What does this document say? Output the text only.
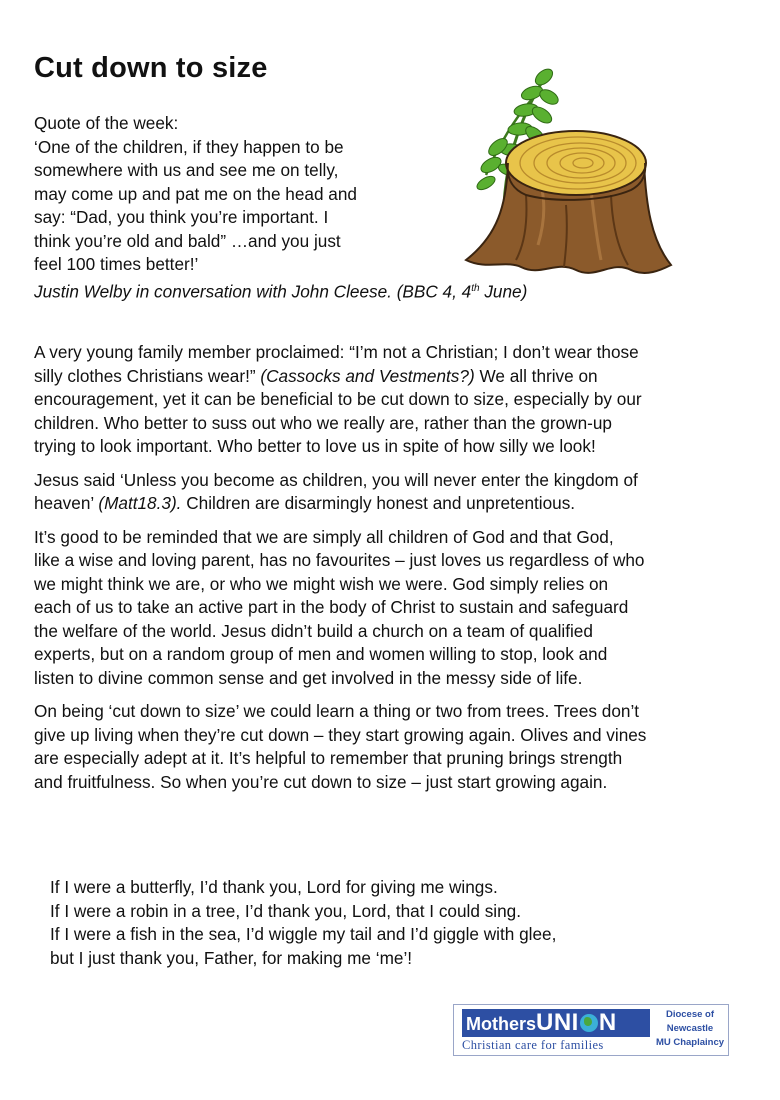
Cut down to size
Quote of the week:
‘One of the children, if they happen to be
somewhere with us and see me on telly,
may come up and pat me on the head and
say: “Dad, you think you’re important. I
think you’re old and bald” …and you just
feel 100 times better!’
Justin Welby in conversation with John Cleese. (BBC 4, 4th June)

A very young family member proclaimed: “I’m not a Christian; I don’t wear those
silly clothes Christians wear!” (Cassocks and Vestments?) We all thrive on
encouragement, yet it can be beneficial to be cut down to size, especially by our
children. Who better to suss out who we really are, rather than the grown-up
trying to look important. Who better to love us in spite of how silly we look!

Jesus said ‘Unless you become as children, you will never enter the kingdom of
heaven’ (Matt18.3). Children are disarmingly honest and unpretentious.

It’s good to be reminded that we are simply all children of God and that God,
like a wise and loving parent, has no favourites – just loves us regardless of who
we might think we are, or who we might wish we were. God simply relies on
each of us to take an active part in the body of Christ to sustain and safeguard
the welfare of the world. Jesus didn’t build a church on a team of qualified
experts, but on a random group of men and women willing to stop, look and
listen to divine common sense and get involved in the messy side of life.

On being ‘cut down to size’ we could learn a thing or two from trees. Trees don’t
give up living when they’re cut down – they start growing again. Olives and vines
are especially adept at it. It’s helpful to remember that pruning brings strength
and fruitfulness. So when you’re cut down to size – just start growing again.

If I were a butterfly, I’d thank you, Lord for giving me wings.
If I were a robin in a tree, I’d thank you, Lord, that I could sing.
If I were a fish in the sea, I’d wiggle my tail and I’d giggle with glee,
but I just thank you, Father, for making me ‘me’!
MothersUNI N
Christian care for families
Diocese of
Newcastle
MU Chaplaincy
